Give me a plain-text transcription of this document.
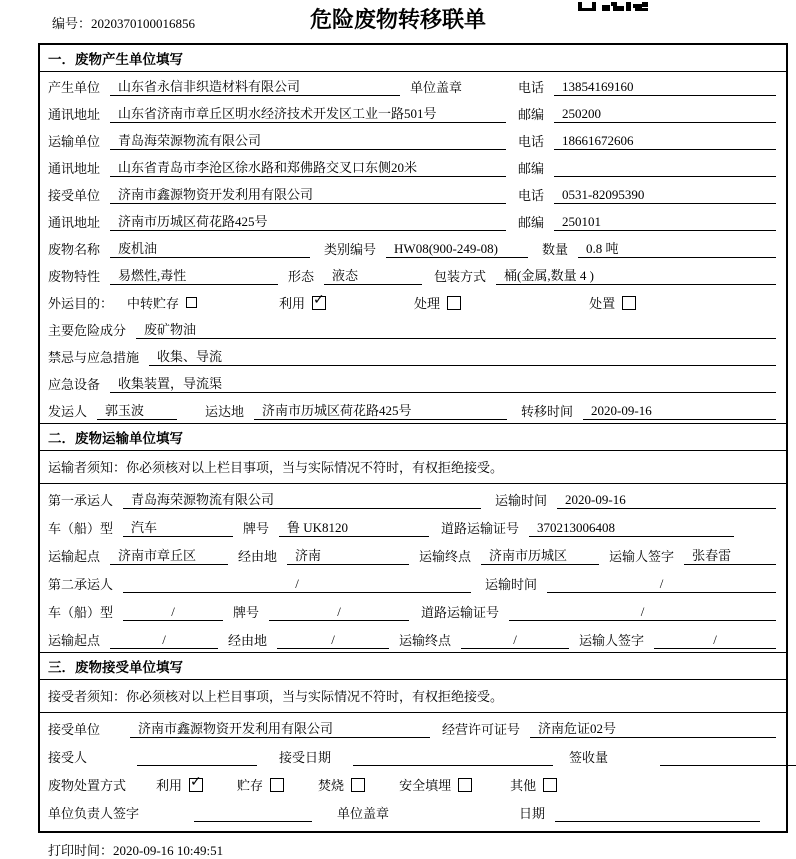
编号：2020370100016856	危险废物转移联单
一．废物产生单位填写
产生单位	山东省永信非织造材料有限公司	单位盖章	电话	13854169160
通讯地址	山东省济南市章丘区明水经济技术开发区工业一路501号	邮编	250200
运输单位	青岛海荣源物流有限公司	电话	18661672606
通讯地址	山东省青岛市李沧区徐水路和郑佛路交叉口东侧20米	邮编
接受单位	济南市鑫源物资开发利用有限公司	电话	0531-82095390
通讯地址	济南市历城区荷花路425号	邮编	250101
废物名称	废机油	类别编号	HW08(900-249-08)	数量	0.8 吨
废物特性	易燃性,毒性	形态	液态	包装方式	桶(金属,数量 4 )
外运目的： 中转贮存	利用 ✓	处理	处置
主要危险成分	废矿物油
禁忌与应急措施	收集、导流
应急设备	收集装置，导流渠
发运人	郭玉波	运达地	济南市历城区荷花路425号	转移时间	2020-09-16
二．废物运输单位填写
运输者须知：你必须核对以上栏目事项，当与实际情况不符时，有权拒绝接受。
第一承运人	青岛海荣源物流有限公司	运输时间	2020-09-16
车（船）型	汽车	牌号	鲁 UK8120	道路运输证号	370213006408
运输起点	济南市章丘区	经由地	济南	运输终点	济南市历城区	运输人签字	张春雷
第二承运人	/	运输时间	/
车（船）型	/	牌号	/	道路运输证号	/
运输起点	/	经由地	/	运输终点	/	运输人签字	/
三．废物接受单位填写
接受者须知：你必须核对以上栏目事项，当与实际情况不符时，有权拒绝接受。
接受单位	济南市鑫源物资开发利用有限公司	经营许可证号	济南危证02号
接受人	接受日期	签收量
废物处置方式 利用 ✓	贮存	焚烧	安全填埋	其他
单位负责人签字	单位盖章	日期
打印时间：2020-09-16 10:49:51
